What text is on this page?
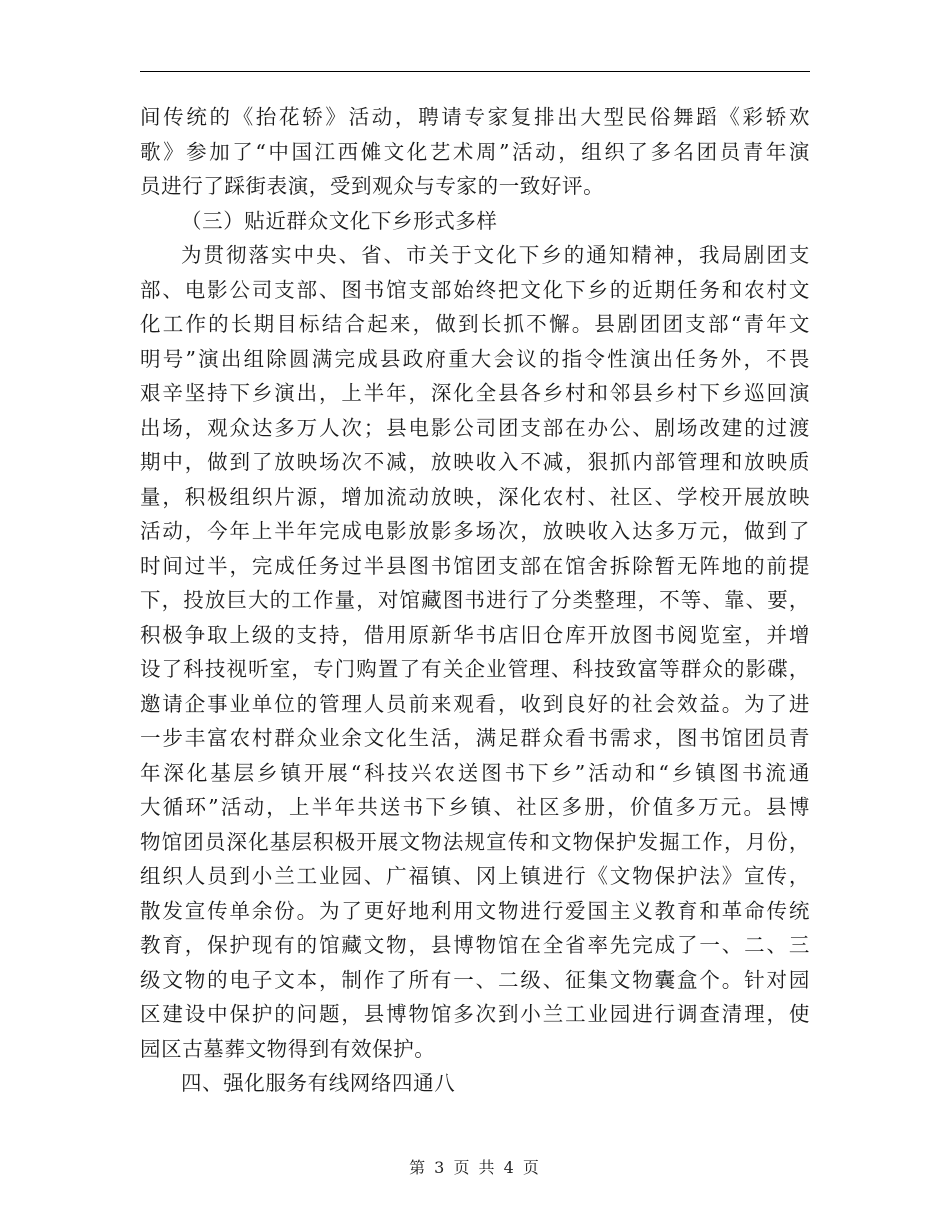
间传统的《抬花轿》活动，聘请专家复排出大型民俗舞蹈《彩轿欢
歌》参加了“中国江西傩文化艺术周”活动，组织了多名团员青年演
员进行了踩街表演，受到观众与专家的一致好评。
（三）贴近群众文化下乡形式多样
为贯彻落实中央、省、市关于文化下乡的通知精神，我局剧团支
部、电影公司支部、图书馆支部始终把文化下乡的近期任务和农村文
化工作的长期目标结合起来，做到长抓不懈。县剧团团支部“青年文
明号”演出组除圆满完成县政府重大会议的指令性演出任务外，不畏
艰辛坚持下乡演出，上半年，深化全县各乡村和邻县乡村下乡巡回演
出场，观众达多万人次；县电影公司团支部在办公、剧场改建的过渡
期中，做到了放映场次不减，放映收入不减，狠抓内部管理和放映质
量，积极组织片源，增加流动放映，深化农村、社区、学校开展放映
活动，今年上半年完成电影放影多场次，放映收入达多万元，做到了
时间过半，完成任务过半县图书馆团支部在馆舍拆除暂无阵地的前提
下，投放巨大的工作量，对馆藏图书进行了分类整理，不等、靠、要，
积极争取上级的支持，借用原新华书店旧仓库开放图书阅览室，并增
设了科技视听室，专门购置了有关企业管理、科技致富等群众的影碟，
邀请企事业单位的管理人员前来观看，收到良好的社会效益。为了进
一步丰富农村群众业余文化生活，满足群众看书需求，图书馆团员青
年深化基层乡镇开展“科技兴农送图书下乡”活动和“乡镇图书流通
大循环”活动，上半年共送书下乡镇、社区多册，价值多万元。县博
物馆团员深化基层积极开展文物法规宣传和文物保护发掘工作，月份，
组织人员到小兰工业园、广福镇、冈上镇进行《文物保护法》宣传，
散发宣传单余份。为了更好地利用文物进行爱国主义教育和革命传统
教育，保护现有的馆藏文物，县博物馆在全省率先完成了一、二、三
级文物的电子文本，制作了所有一、二级、征集文物囊盒个。针对园
区建设中保护的问题，县博物馆多次到小兰工业园进行调查清理，使
园区古墓葬文物得到有效保护。
四、强化服务有线网络四通八
第 3 页 共 4 页
